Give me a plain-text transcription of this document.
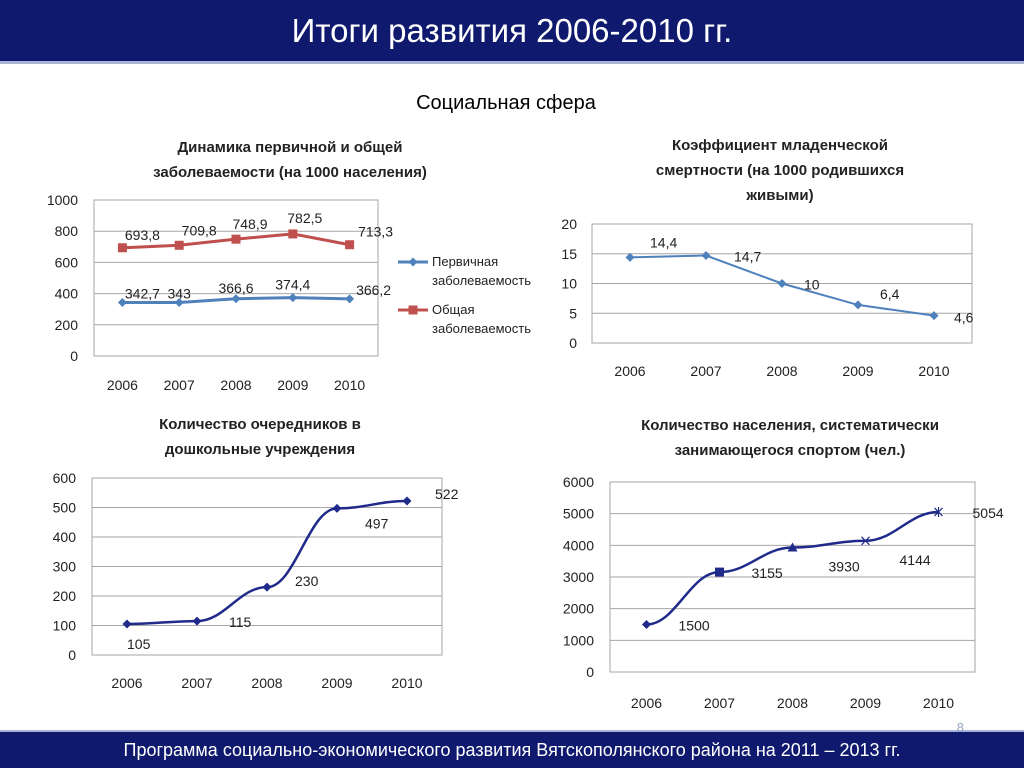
Итоги развития 2006-2010 гг.
Социальная сфера
Динамика первичной и общей
заболеваемости (на 1000 населения)
Коэффициент младенческой
смертности (на 1000 родившихся
живыми)
Количество очередников в
дошкольные учреждения
Количество населения, систематически
занимающегося спортом (чел.)
0
200
400
600
800
1000
2006 2007 2008 2009 2010
342,7 343 366,6 374,4	366,2
693,8 709,8 748,9 782,5
713,3
Первичная
заболеваемость
Общая
заболеваемость
0
5
10
15
20
2006	2007	2008	2009	2010
14,4
14,7
10
6,4
4,6
0
100
200
300
400
500
600
2006	2007	2008	2009	2010
105
115
230
497
522
0
1000
2000
3000
4000
5000
6000
2006	2007	2008	2009	2010
1500
3155	3930	4144
5054
8
Программа социально-экономического развития Вятскополянского района на 2011 – 2013 гг.
